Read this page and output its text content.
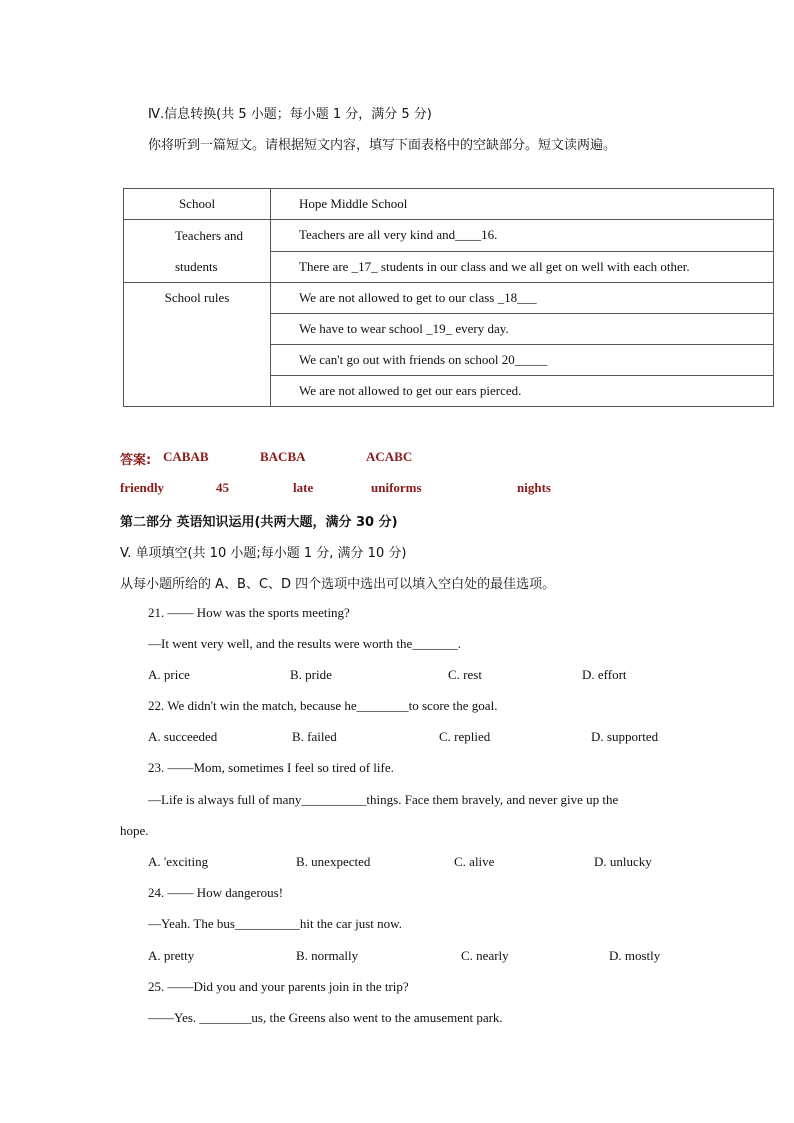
Ⅳ.信息转换(共 5 小题；每小题 1 分，满分 5 分)
你将听到一篇短文。请根据短文内容，填写下面表格中的空缺部分。短文读两遍。
School	Hope Middle School

Teachers and
students	Teachers are all very kind and____16.
	There are _17_ students in our class and we all get on well with each other.
School rules	We are not allowed to get to our class _18___
	We have to wear school _19_ every day.
	We can't go out with friends on school 20_____
	We are not allowed to get our ears pierced.
答案: CABAB	BACBA	ACABC
friendly	45	late	uniforms	nights
第二部分 英语知识运用(共两大题，满分 30 分)
V. 单项填空(共 10 小题;每小题 1 分, 满分 10 分)
从每小题所给的 A、B、C、D 四个选项中选出可以填入空白处的最佳选项。
21. —— How was the sports meeting?
—It went very well, and the results were worth the_______.
A. price	B. pride	C. rest	D. effort
22. We didn't win the match, because he________to score the goal.
A. succeeded	B. failed	C. replied	D. supported
23. ——Mom, sometimes I feel so tired of life.
—Life is always full of many__________things. Face them bravely, and never give up the
hope.
A. 'exciting	B. unexpected	C. alive	D. unlucky
24. —— How dangerous!
—Yeah. The bus__________hit the car just now.
A. pretty	B. normally	C. nearly	D. mostly
25. ——Did you and your parents join in the trip?
——Yes. ________us, the Greens also went to the amusement park.
